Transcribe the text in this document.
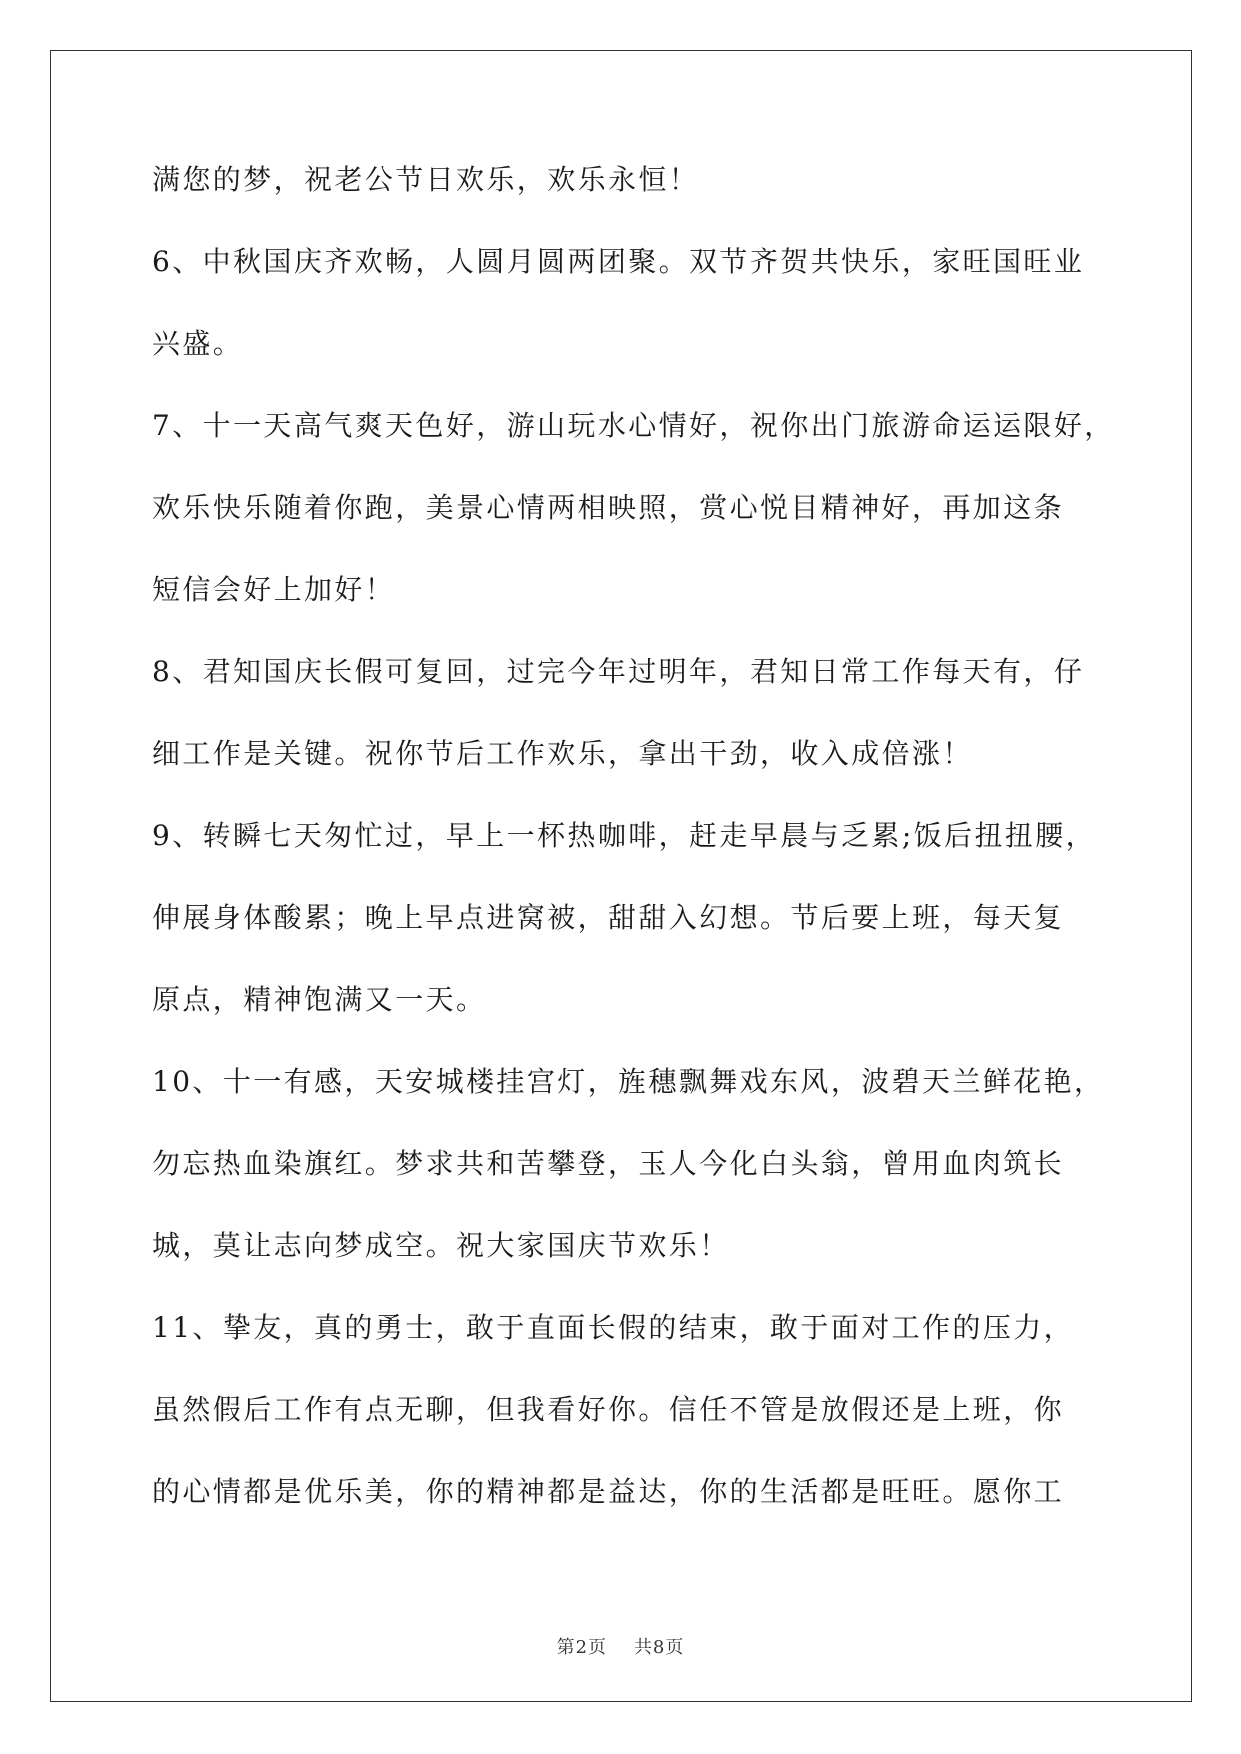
满您的梦，祝老公节日欢乐，欢乐永恒！
6、中秋国庆齐欢畅，人圆月圆两团聚。双节齐贺共快乐，家旺国旺业
兴盛。
7、十一天高气爽天色好，游山玩水心情好，祝你出门旅游命运运限好，
欢乐快乐随着你跑，美景心情两相映照，赏心悦目精神好，再加这条
短信会好上加好！
8、君知国庆长假可复回，过完今年过明年，君知日常工作每天有，仔
细工作是关键。祝你节后工作欢乐，拿出干劲，收入成倍涨！
9、转瞬七天匆忙过，早上一杯热咖啡，赶走早晨与乏累;饭后扭扭腰，
伸展身体酸累；晚上早点进窝被，甜甜入幻想。节后要上班，每天复
原点，精神饱满又一天。
10、十一有感，天安城楼挂宫灯，旌穗飘舞戏东风，波碧天兰鲜花艳，
勿忘热血染旗红。梦求共和苦攀登，玉人今化白头翁，曾用血肉筑长
城，莫让志向梦成空。祝大家国庆节欢乐！
11、挚友，真的勇士，敢于直面长假的结束，敢于面对工作的压力，
虽然假后工作有点无聊，但我看好你。信任不管是放假还是上班，你
的心情都是优乐美，你的精神都是益达，你的生活都是旺旺。愿你工
第2页 共8页
